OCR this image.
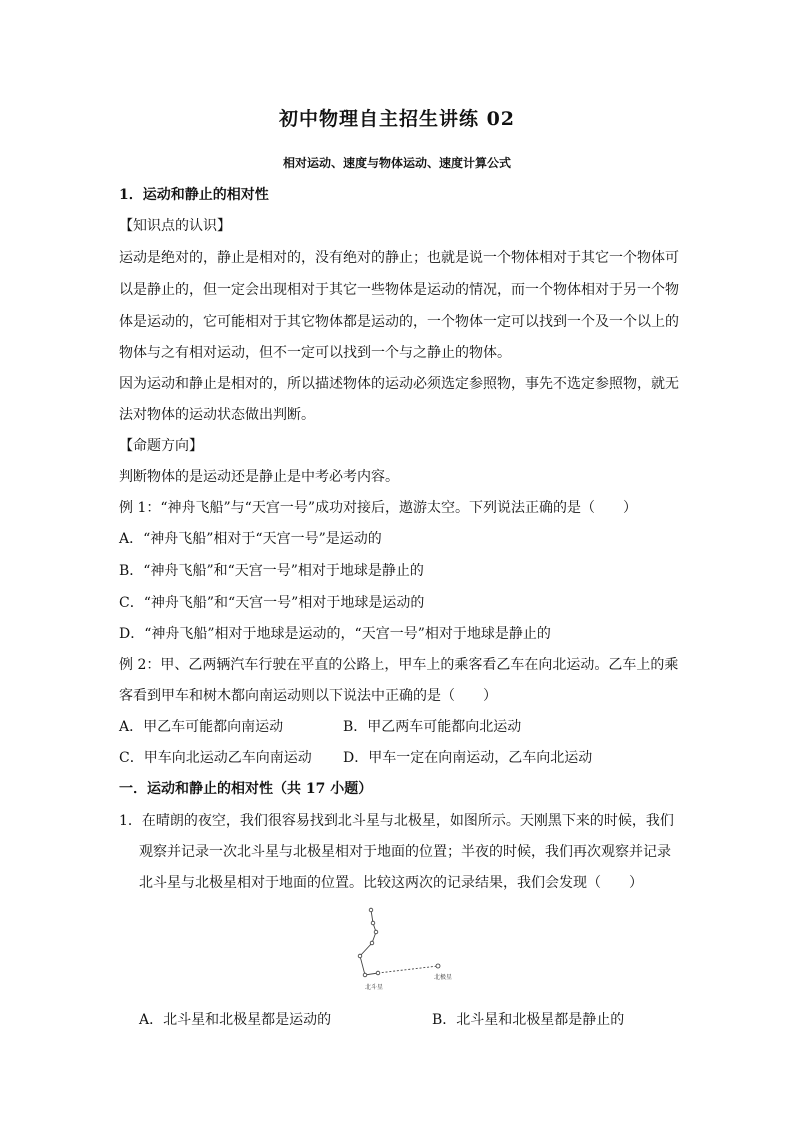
初中物理自主招生讲练 02
相对运动、速度与物体运动、速度计算公式
1．运动和静止的相对性
【知识点的认识】
运动是绝对的，静止是相对的，没有绝对的静止；也就是说一个物体相对于其它一个物体可
以是静止的，但一定会出现相对于其它一些物体是运动的情况，而一个物体相对于另一个物
体是运动的，它可能相对于其它物体都是运动的，一个物体一定可以找到一个及一个以上的
物体与之有相对运动，但不一定可以找到一个与之静止的物体。
因为运动和静止是相对的，所以描述物体的运动必须选定参照物，事先不选定参照物，就无
法对物体的运动状态做出判断。
【命题方向】
判断物体的是运动还是静止是中考必考内容。
例 1：“神舟飞船”与“天宫一号”成功对接后，遨游太空。下列说法正确的是（　　）
A．“神舟飞船”相对于“天宫一号”是运动的
B．“神舟飞船”和“天宫一号”相对于地球是静止的
C．“神舟飞船”和“天宫一号”相对于地球是运动的
D．“神舟飞船”相对于地球是运动的，“天宫一号”相对于地球是静止的
例 2：甲、乙两辆汽车行驶在平直的公路上，甲车上的乘客看乙车在向北运动。乙车上的乘
客看到甲车和树木都向南运动则以下说法中正确的是（　　）
A．甲乙车可能都向南运动	B．甲乙两车可能都向北运动
C．甲车向北运动乙车向南运动 D．甲车一定在向南运动，乙车向北运动
一．运动和静止的相对性（共 17 小题）
1．在晴朗的夜空，我们很容易找到北斗星与北极星，如图所示。天刚黑下来的时候，我们
观察并记录一次北斗星与北极星相对于地面的位置；半夜的时候，我们再次观察并记录
北斗星与北极星相对于地面的位置。比较这两次的记录结果，我们会发现（　　）
北斗星
北极星
A．北斗星和北极星都是运动的	B．北斗星和北极星都是静止的
